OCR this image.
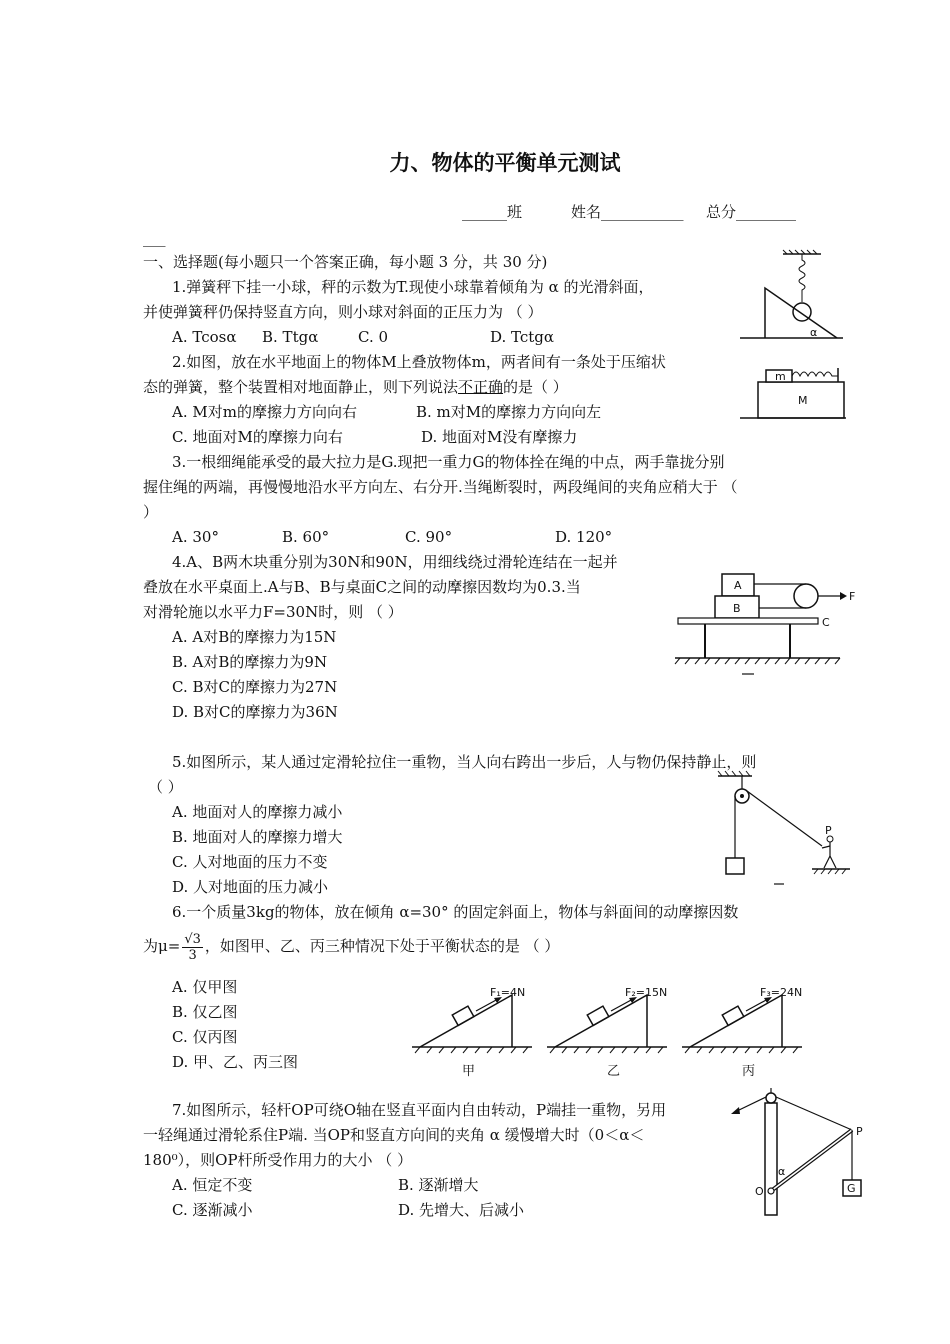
力、物体的平衡单元测试
______班	姓名___________ 总分________
___
一、选择题(每小题只一个答案正确，每小题 3 分，共 30 分)
1.弹簧秤下挂一小球，秤的示数为T.现使小球靠着倾角为 α 的光滑斜面，
并使弹簧秤仍保持竖直方向，则小球对斜面的正压力为 （ ）
A. Tcosα B. Ttgα	C. 0	D. Tctgα	α
2.如图，放在水平地面上的物体M上叠放物体m，两者间有一条处于压缩状
态的弹簧，整个装置相对地面静止，则下列说法不正确的是（ ）
A. M对m的摩擦力方向向右	B. m对M的摩擦力方向向左
C. 地面对M的摩擦力向右	D. 地面对M没有摩擦力
m
M
3.一根细绳能承受的最大拉力是G.现把一重力G的物体拴在绳的中点，两手靠拢分别
握住绳的两端，再慢慢地沿水平方向左、右分开.当绳断裂时，两段绳间的夹角应稍大于 （
）
A. 30°	B. 60°	C. 90°	D. 120°
4.A、B两木块重分别为30N和90N，用细线绕过滑轮连结在一起并
叠放在水平桌面上.A与B、B与桌面C之间的动摩擦因数均为0.3.当
对滑轮施以水平力F=30N时，则 （ ）
A. A对B的摩擦力为15N
B. A对B的摩擦力为9N
C. B对C的摩擦力为27N
D. B对C的摩擦力为36N
A
B
F
C
5.如图所示，某人通过定滑轮拉住一重物，当人向右跨出一步后，人与物仍保持静止，则
（ ）
A. 地面对人的摩擦力减小
B. 地面对人的摩擦力增大
C. 人对地面的压力不变
D. 人对地面的压力减小
P
6.一个质量3kg的物体，放在倾角 α=30° 的固定斜面上，物体与斜面间的动摩擦因数
为$\mu= \frac{√3}{3}$ ，如图甲、乙、丙三种情况下处于平衡状态的是 （ ）
A. 仅甲图
B. 仅乙图
C. 仅丙图
D. 甲、乙、丙三图
F₁=4N
甲
F₂=15N
乙
F₃=24N
丙
7.如图所示，轻杆OP可绕O轴在竖直平面内自由转动，P端挂一重物，另用
一轻绳通过滑轮系住P端. 当OP和竖直方向间的夹角 α 缓慢增大时（0＜α＜
180⁰），则OP杆所受作用力的大小 （ ）
A. 恒定不变	B. 逐渐增大
C. 逐渐减小	D. 先增大、后减小
P
O
α
G
